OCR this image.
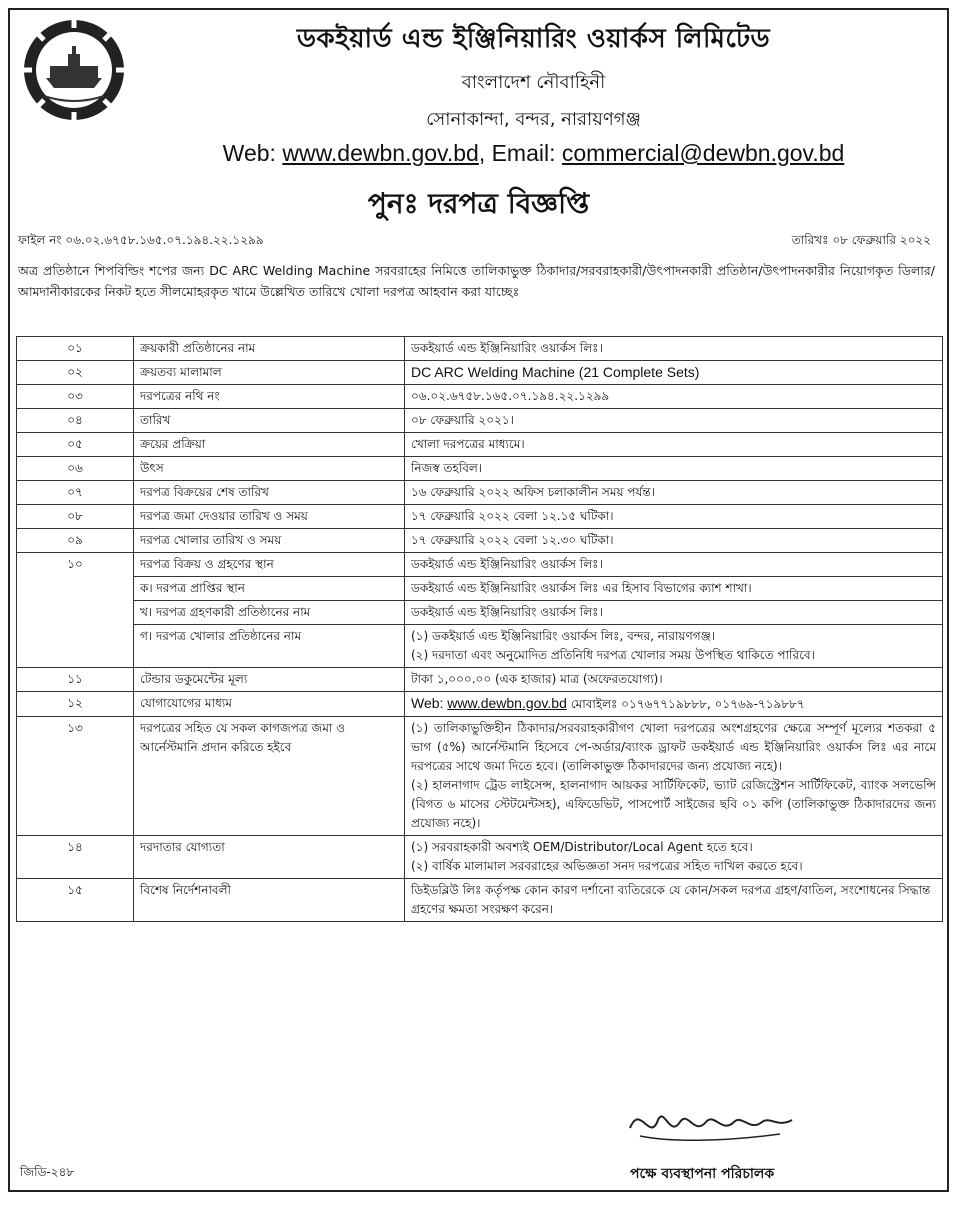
ডকইয়ার্ড এন্ড ইঞ্জিনিয়ারিং ওয়ার্কস লিমিটেড
বাংলাদেশ নৌবাহিনী
সোনাকান্দা, বন্দর, নারায়ণগঞ্জ
Web: www.dewbn.gov.bd, Email: commercial@dewbn.gov.bd
পুনঃ দরপত্র বিজ্ঞপ্তি
ফাইল নং ০৬.০২.৬৭৫৮.১৬৫.০৭.১৯৪.২২.১২৯৯	তারিখঃ ০৮ ফেব্রুয়ারি ২০২২
অত্র প্রতিষ্ঠানে শিপবিল্ডিং শপের জন্য DC ARC Welding Machine সরবরাহের নিমিত্তে তালিকাভুক্ত ঠিকাদার/সরবরাহকারী/উৎপাদনকারী প্রতিষ্ঠান/উৎপাদনকারীর নিয়োগকৃত ডিলার/আমদানীকারকের নিকট হতে সীলমোহরকৃত খামে উল্লেখিত তারিখে খোলা দরপত্র আহবান করা যাচ্ছেঃ
০১	ক্রয়কারী প্রতিষ্ঠানের নাম	ডকইয়ার্ড এন্ড ইঞ্জিনিয়ারিং ওয়ার্কস লিঃ।
০২	ক্রয়তব্য মালামাল	DC ARC Welding Machine (21 Complete Sets)
০৩	দরপত্রের নথি নং	০৬.০২.৬৭৫৮.১৬৫.০৭.১৯৪.২২.১২৯৯
০৪	তারিখ	০৮ ফেব্রুয়ারি ২০২১।
০৫	ক্রয়ের প্রক্রিয়া	খোলা দরপত্রের মাধ্যমে।
০৬	উৎস	নিজস্ব তহবিল।
০৭	দরপত্র বিক্রয়ের শেষ তারিখ	১৬ ফেব্রুয়ারি ২০২২ অফিস চলাকালীন সময় পর্যন্ত।
০৮	দরপত্র জমা দেওয়ার তারিখ ও সময়	১৭ ফেব্রুয়ারি ২০২২ বেলা ১২.১৫ ঘটিকা।
০৯	দরপত্র খোলার তারিখ ও সময়	১৭ ফেব্রুয়ারি ২০২২ বেলা ১২.৩০ ঘটিকা।
১০	দরপত্র বিক্রয় ও গ্রহণের স্থান	ডকইয়ার্ড এন্ড ইঞ্জিনিয়ারিং ওয়ার্কস লিঃ।
	ক। দরপত্র প্রাপ্তির স্থান	ডকইয়ার্ড এন্ড ইঞ্জিনিয়ারিং ওয়ার্কস লিঃ এর হিসাব বিভাগের ক্যাশ শাখা।
	খ। দরপত্র গ্রহণকারী প্রতিষ্ঠানের নাম	ডকইয়ার্ড এন্ড ইঞ্জিনিয়ারিং ওয়ার্কস লিঃ।
	গ। দরপত্র খোলার প্রতিষ্ঠানের নাম	(১) ডকইয়ার্ড এন্ড ইঞ্জিনিয়ারিং ওয়ার্কস লিঃ, বন্দর, নারায়ণগঞ্জ।

(২) দরদাতা এবং অনুমোদিত প্রতিনিধি দরপত্র খোলার সময় উপস্থিত থাকিতে পারিবে।

১১	টেন্ডার ডকুমেন্টের মূল্য	টাকা ১,০০০.০০ (এক হাজার) মাত্র (অফেরতযোগ্য)।
১২	যোগাযোগের মাধ্যম	Web: www.dewbn.gov.bd মোবাইলঃ ০১৭৬৭৭১৯৮৮৮, ০১৭৬৯-৭১৯৮৮৭
১৩	দরপত্রের সহিত যে সকল কাগজপত্র জমা ও আর্নেস্টমানি প্রদান করিতে হইবে	(১) তালিকাভুক্তিহীন ঠিকাদার/সরবরাহকারীগণ খোলা দরপত্রের অংশগ্রহণের ক্ষেত্রে সম্পূর্ণ মূল্যের শতকরা ৫ ভাগ (৫%) আর্নেস্টমানি হিসেবে পে-অর্ডার/ব্যাংক ড্রাফট ডকইয়ার্ড এন্ড ইঞ্জিনিয়ারিং ওয়ার্কস লিঃ এর নামে দরপত্রের সাথে জমা দিতে হবে। (তালিকাভুক্ত ঠিকাদারদের জন্য প্রযোজ্য নহে)।

(২) হালনাগাদ ট্রেড লাইসেন্স, হালনাগাদ আয়কর সার্টিফিকেট, ভ্যাট রেজিস্ট্রেশন সার্টিফিকেট, ব্যাংক সলভেন্সি (বিগত ৬ মাসের স্টেটমেন্টসহ), এফিডেভিট, পাসপোর্ট সাইজের ছবি ০১ কপি (তালিকাভুক্ত ঠিকাদারদের জন্য প্রযোজ্য নহে)।

১৪	দরদাতার যোগ্যতা	(১) সরবরাহকারী অবশ্যই OEM/Distributor/Local Agent হতে হবে।

(২) বার্ষিক মালামাল সরবরাহের অভিজ্ঞতা সনদ দরপত্রের সহিত দাখিল করতে হবে।

১৫	বিশেষ নির্দেশনাবলী	ডিইডব্লিউ লিঃ কর্তৃপক্ষ কোন কারণ দর্শানো ব্যতিরেকে যে কোন/সকল দরপত্র গ্রহণ/বাতিল, সংশোধনের সিদ্ধান্ত গ্রহণের ক্ষমতা সংরক্ষণ করেন।
পক্ষে ব্যবস্থাপনা পরিচালক
জিডি-২৪৮
